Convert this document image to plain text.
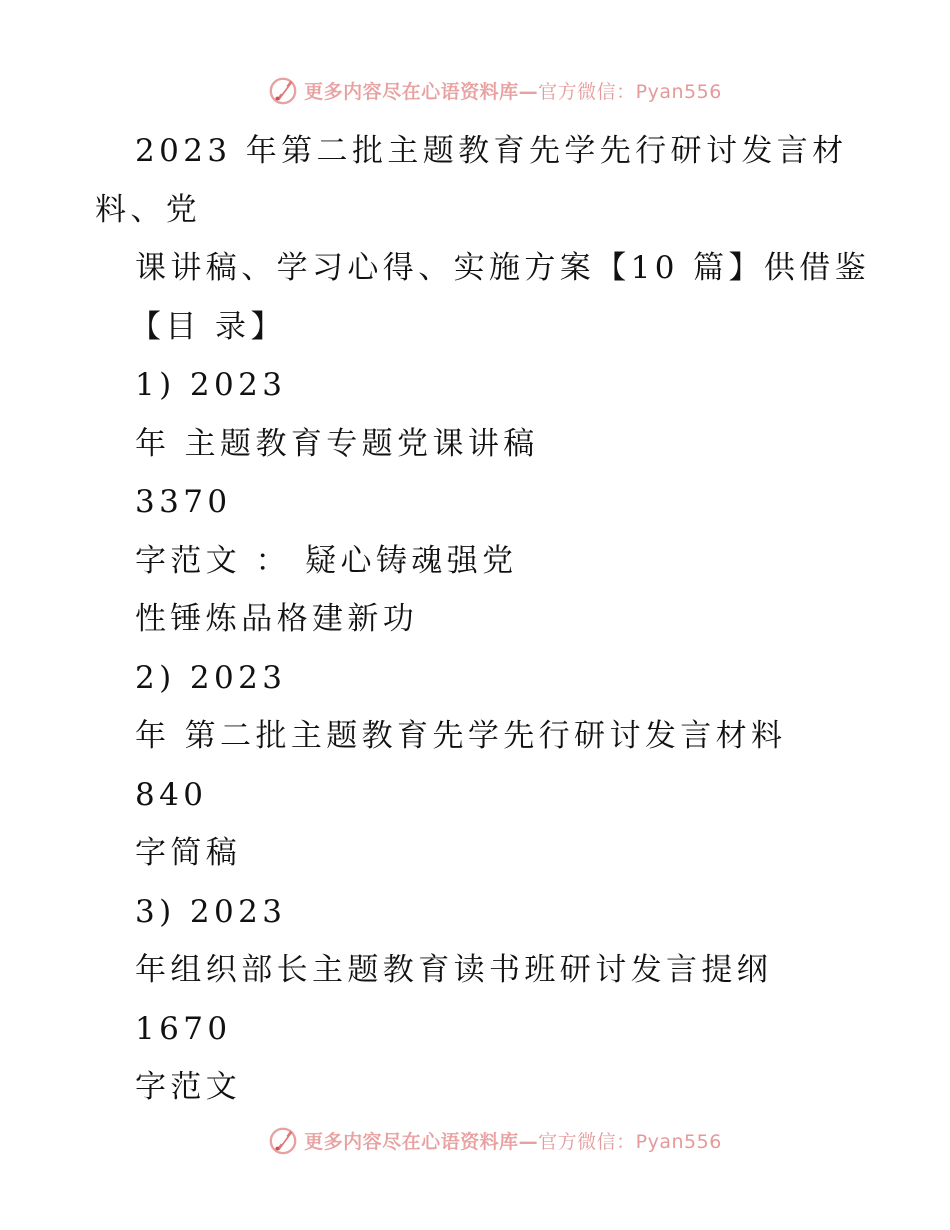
更多内容尽在心语资料库—官方微信：Pyan556
2023 年第二批主题教育先学先行研讨发言材
料、党
课讲稿、学习心得、实施方案【10 篇】供借鉴
【目 录】
1) 2023
年 主题教育专题党课讲稿
3370
字范文 ： 疑心铸魂强党
性锤炼品格建新功
2) 2023
年 第二批主题教育先学先行研讨发言材料
840
字简稿
3) 2023
年组织部长主题教育读书班研讨发言提纲
1670
字范文
更多内容尽在心语资料库—官方微信：Pyan556
